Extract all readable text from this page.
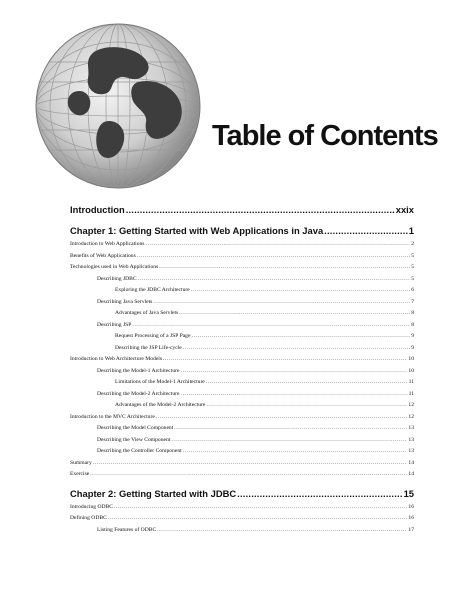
Table of Contents
Introduction .....	xxix
Chapter 1: Getting Started with Web Applications in Java .....	1
Introduction to Web Applications .....	2
Benefits of Web Applications .....	5
Technologies used in Web Applications .....	5
Describing JDBC .....	5
Exploring the JDBC Architecture .....	6
Describing Java Servlets .....	7
Advantages of Java Servlets .....	8
Describing JSP .....	8
Request Processing of a JSP Page .....	9
Describing the JSP Life-cycle .....	9
Introduction to Web Architecture Models .....	10
Describing the Model-1 Architecture .....	10
Limitations of the Model-1 Architecture .....	11
Describing the Model-2 Architecture .....	11
Advantages of the Model-2 Architecture .....	12
Introduction to the MVC Architecture .....	12
Describing the Model Component .....	13
Describing the View Component .....	13
Describing the Controller Component .....	13
Summary .....	14
Exercise .....	14
Chapter 2: Getting Started with JDBC .....	15
Introducing ODBC .....	16
Defining ODBC .....	16
Listing Features of ODBC .....	17
